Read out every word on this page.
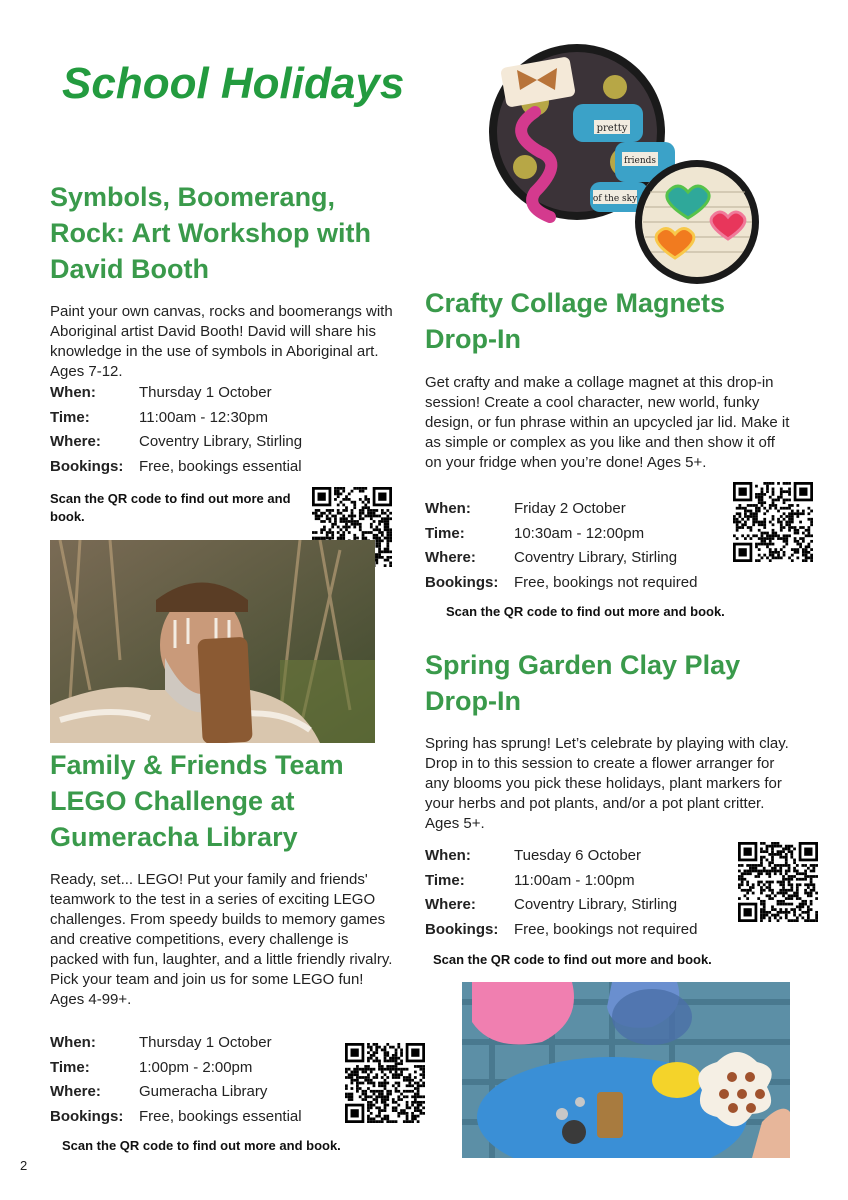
School Holidays
Symbols, Boomerang, Rock: Art Workshop with David Booth

Paint your own canvas, rocks and boomerangs with Aboriginal artist David Booth! David will share his knowledge in the use of symbols in Aboriginal art. Ages 7-12.

When:	Thursday 1 October
Time:	11:00am - 12:30pm
Where:	Coventry Library, Stirling
Bookings:	Free, bookings essential
Scan the QR code to find out more and book.
Family & Friends Team LEGO Challenge at Gumeracha Library

Ready, set... LEGO! Put your family and friends' teamwork to the test in a series of exciting LEGO challenges. From speedy builds to memory games and creative competitions, every challenge is packed with fun, laughter, and a little friendly rivalry. Pick your team and join us for some LEGO fun! Ages 4-99+.

When:	Thursday 1 October
Time:	1:00pm - 2:00pm
Where:	Gumeracha Library
Bookings:	Free, bookings essential
Scan the QR code to find out more and book.
pretty
friends
of the sky
Crafty Collage Magnets Drop-In

Get crafty and make a collage magnet at this drop-in session! Create a cool character, new world, funky design, or fun phrase within an upcycled jar lid. Make it as simple or complex as you like and then show it off on your fridge when you’re done! Ages 5+.

When:	Friday 2 October
Time:	10:30am - 12:00pm
Where:	Coventry Library, Stirling
Bookings:	Free, bookings not required
Scan the QR code to find out more and book.
Spring Garden Clay Play Drop-In

Spring has sprung! Let’s celebrate by playing with clay. Drop in to this session to create a flower arranger for any blooms you pick these holidays, plant markers for your herbs and pot plants, and/or a pot plant critter. Ages 5+.

When:	Tuesday 6 October
Time:	11:00am - 1:00pm
Where:	Coventry Library, Stirling
Bookings:	Free, bookings not required
Scan the QR code to find out more and book.
2
